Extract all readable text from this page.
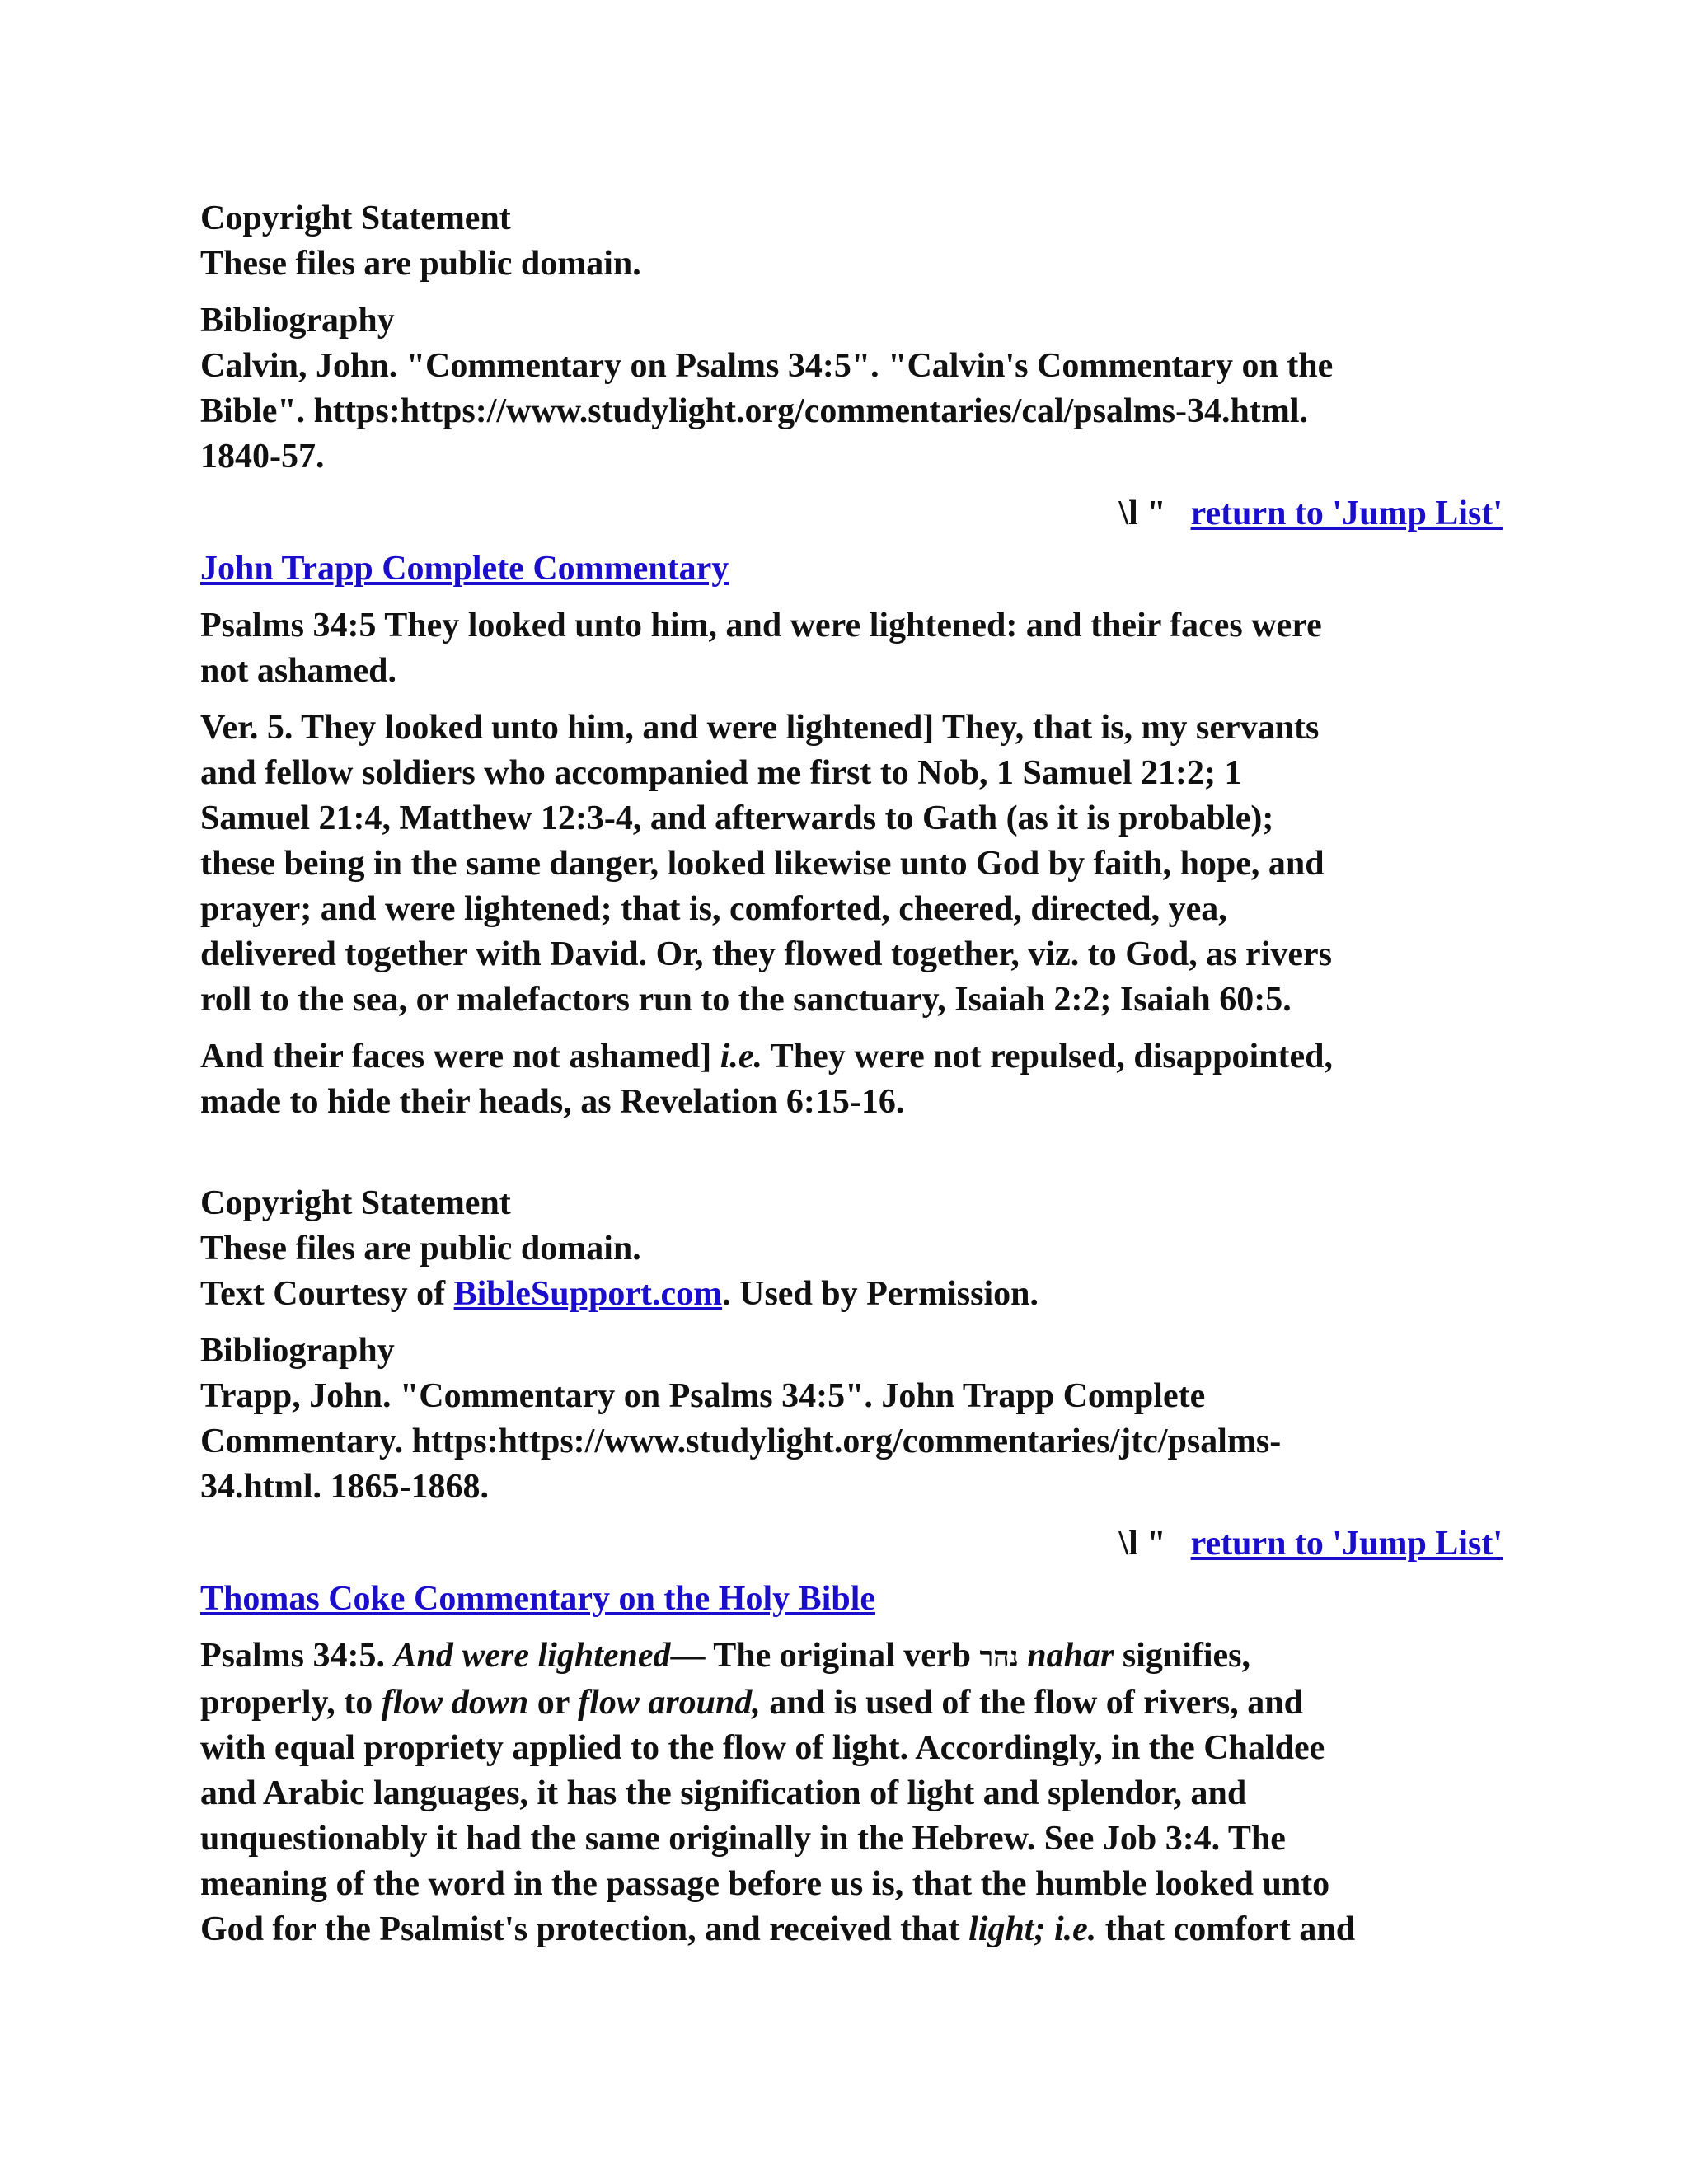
Copyright Statement
These files are public domain.
Bibliography
Calvin, John. "Commentary on Psalms 34:5". "Calvin's Commentary on the
Bible". https:https://www.studylight.org/commentaries/cal/psalms-34.html.
1840-57.
\l " return to 'Jump List'
John Trapp Complete Commentary
Psalms 34:5 They looked unto him, and were lightened: and their faces were
not ashamed.
Ver. 5. They looked unto him, and were lightened] They, that is, my servants
and fellow soldiers who accompanied me first to Nob, 1 Samuel 21:2; 1
Samuel 21:4, Matthew 12:3-4, and afterwards to Gath (as it is probable);
these being in the same danger, looked likewise unto God by faith, hope, and
prayer; and were lightened; that is, comforted, cheered, directed, yea,
delivered together with David. Or, they flowed together, viz. to God, as rivers
roll to the sea, or malefactors run to the sanctuary, Isaiah 2:2; Isaiah 60:5.
And their faces were not ashamed] i.e. They were not repulsed, disappointed,
made to hide their heads, as Revelation 6:15-16.
Copyright Statement
These files are public domain.
Text Courtesy of BibleSupport.com. Used by Permission.
Bibliography
Trapp, John. "Commentary on Psalms 34:5". John Trapp Complete
Commentary. https:https://www.studylight.org/commentaries/jtc/psalms-
34.html. 1865-1868.
\l " return to 'Jump List'
Thomas Coke Commentary on the Holy Bible
Psalms 34:5. And were lightened— The original verb נהר nahar signifies,
properly, to flow down or flow around, and is used of the flow of rivers, and
with equal propriety applied to the flow of light. Accordingly, in the Chaldee
and Arabic languages, it has the signification of light and splendor, and
unquestionably it had the same originally in the Hebrew. See Job 3:4. The
meaning of the word in the passage before us is, that the humble looked unto
God for the Psalmist's protection, and received that light; i.e. that comfort and
